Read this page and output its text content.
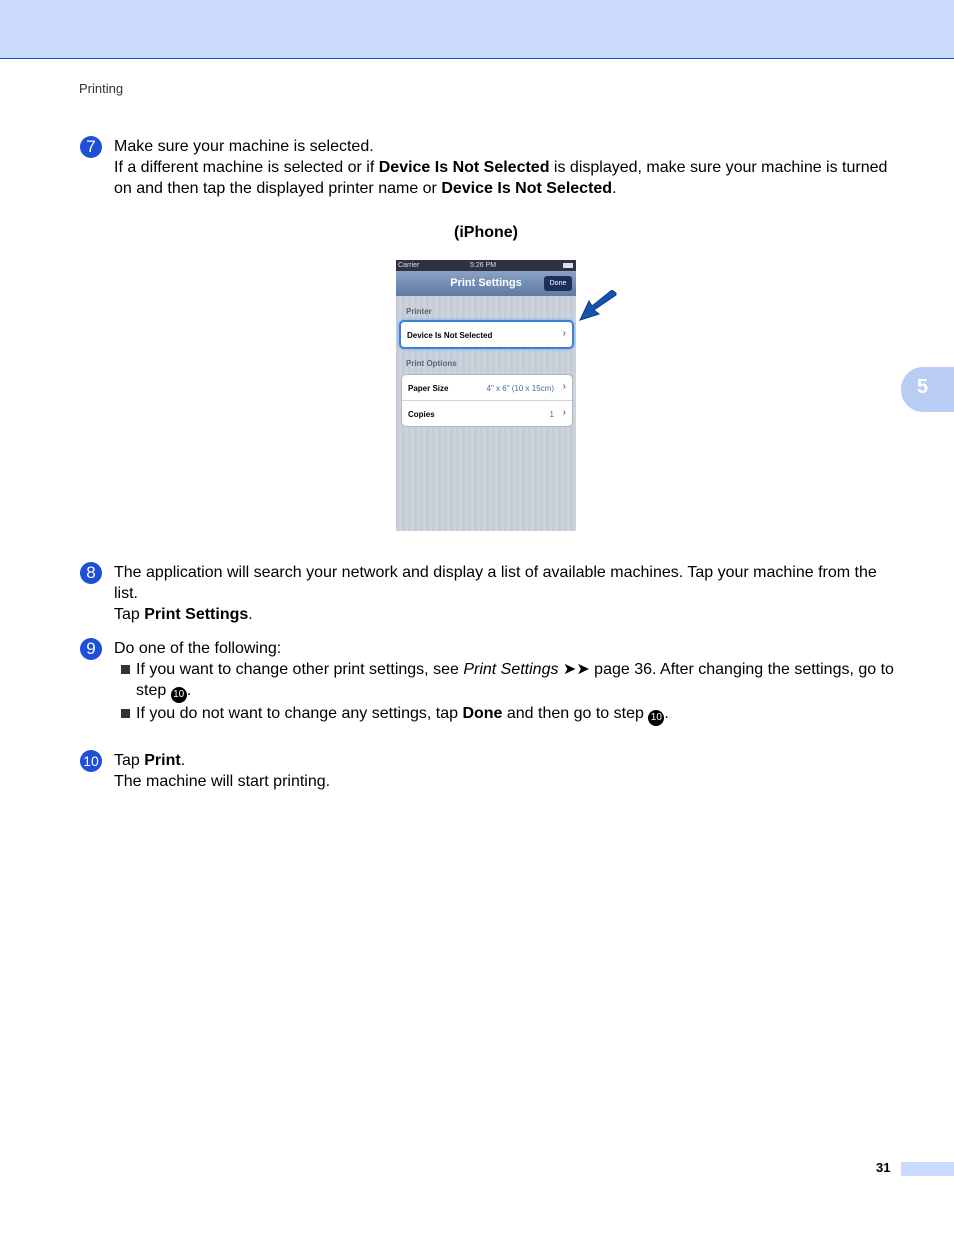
Printing
5
7	Make sure your machine is selected.

If a different machine is selected or if Device Is Not Selected is displayed, make sure your machine is turned on and then tap the displayed printer name or Device Is Not Selected.

(iPhone)
Carrier	5:26 PM
Print Settings	Done
Printer
Device Is Not Selected	›
Print Options
Paper Size	4" x 6" (10 x 15cm) ›
Copies	1 ›
8	The application will search your network and display a list of available machines. Tap your machine from the list.

Tap Print Settings.

9	Do one of the following:

If you want to change other print settings, see Print Settings ➤➤ page 36. After changing the settings, go to step 10 .

If you do not want to change any settings, tap Done and then go to step 10 .

10 Tap Print.

The machine will start printing.

31
